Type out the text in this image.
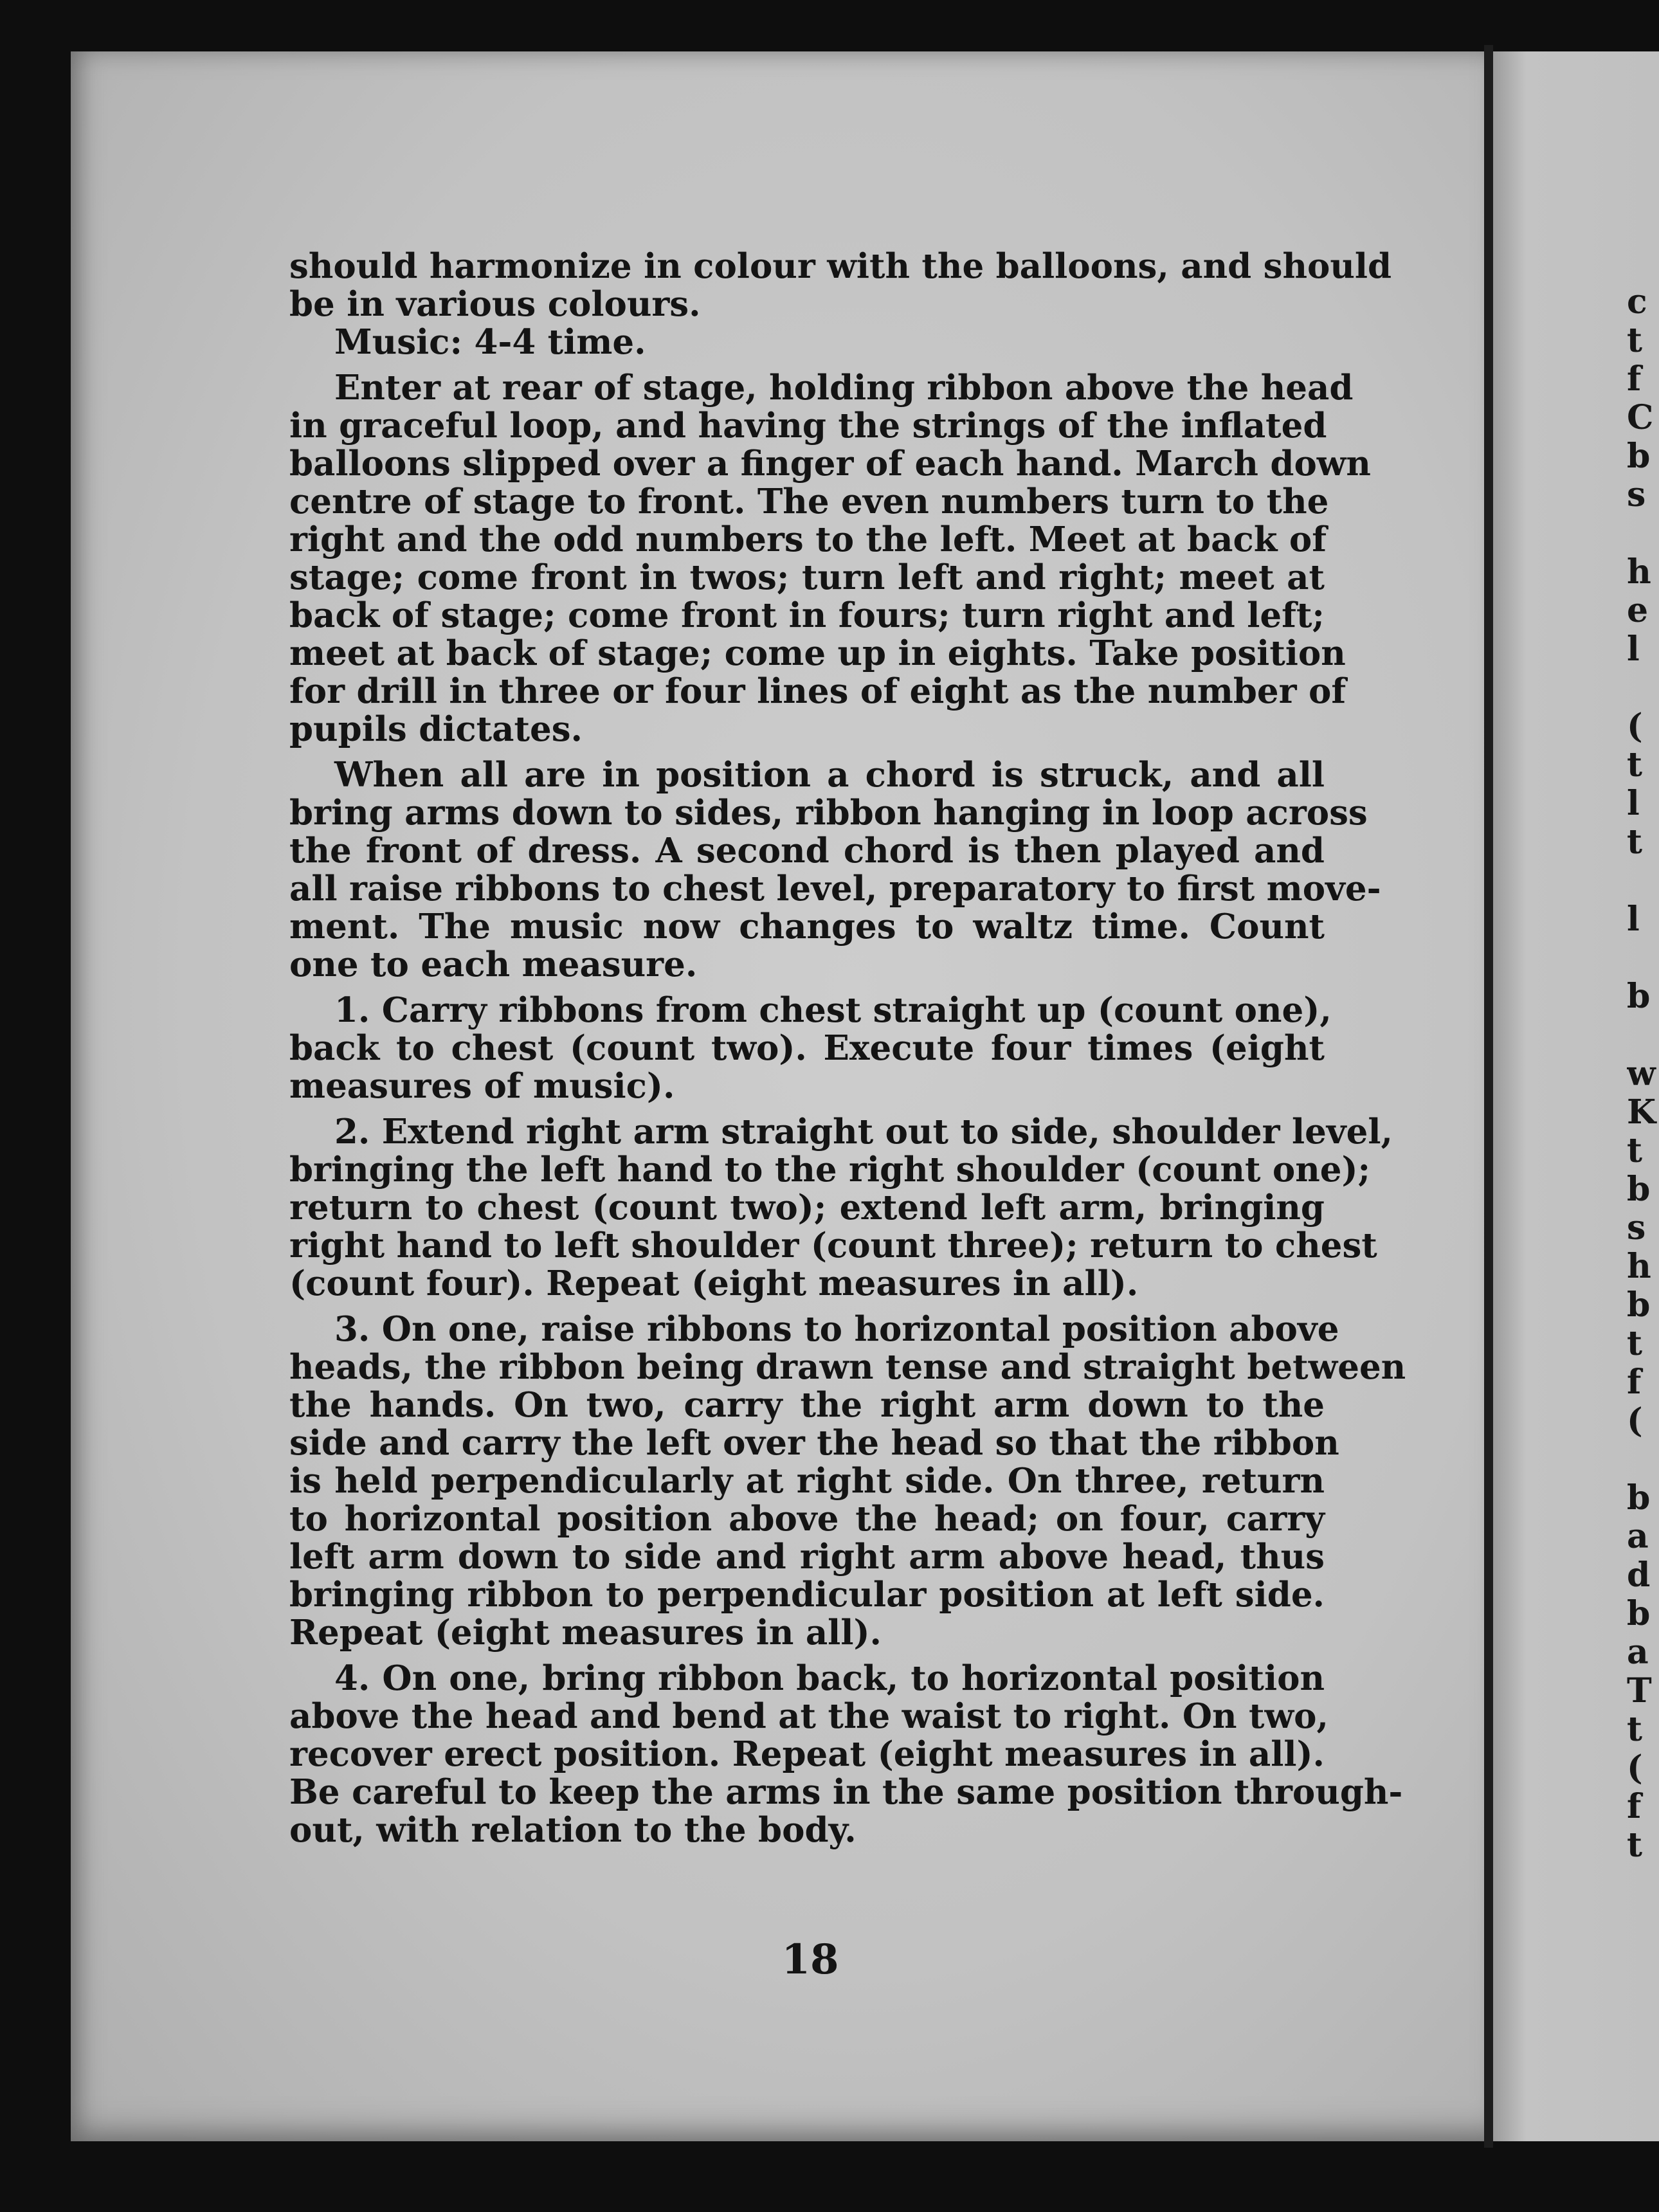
c
t
f
C
b
s
h
e
l
(
t
l
t
l
b
w
K
t
b
s
h
b
t
f
(
b
a
d
b
a
T
t
(
f
t
should harmonize in colour with the balloons, and should
be in various colours.
Music: 4-4 time.
Enter at rear of stage, holding ribbon above the head
in graceful loop, and having the strings of the inflated
balloons slipped over a finger of each hand. March down
centre of stage to front. The even numbers turn to the
right and the odd numbers to the left. Meet at back of
stage; come front in twos; turn left and right; meet at
back of stage; come front in fours; turn right and left;
meet at back of stage; come up in eights. Take position
for drill in three or four lines of eight as the number of
pupils dictates.
When all are in position a chord is struck, and all
bring arms down to sides, ribbon hanging in loop across
the front of dress. A second chord is then played and
all raise ribbons to chest level, preparatory to first move-
ment. The music now changes to waltz time. Count
one to each measure.
1. Carry ribbons from chest straight up (count one),
back to chest (count two). Execute four times (eight
measures of music).
2. Extend right arm straight out to side, shoulder level,
bringing the left hand to the right shoulder (count one);
return to chest (count two); extend left arm, bringing
right hand to left shoulder (count three); return to chest
(count four). Repeat (eight measures in all).
3. On one, raise ribbons to horizontal position above
heads, the ribbon being drawn tense and straight between
the hands. On two, carry the right arm down to the
side and carry the left over the head so that the ribbon
is held perpendicularly at right side. On three, return
to horizontal position above the head; on four, carry
left arm down to side and right arm above head, thus
bringing ribbon to perpendicular position at left side.
Repeat (eight measures in all).
4. On one, bring ribbon back, to horizontal position
above the head and bend at the waist to right. On two,
recover erect position. Repeat (eight measures in all).
Be careful to keep the arms in the same position through-
out, with relation to the body.
18
